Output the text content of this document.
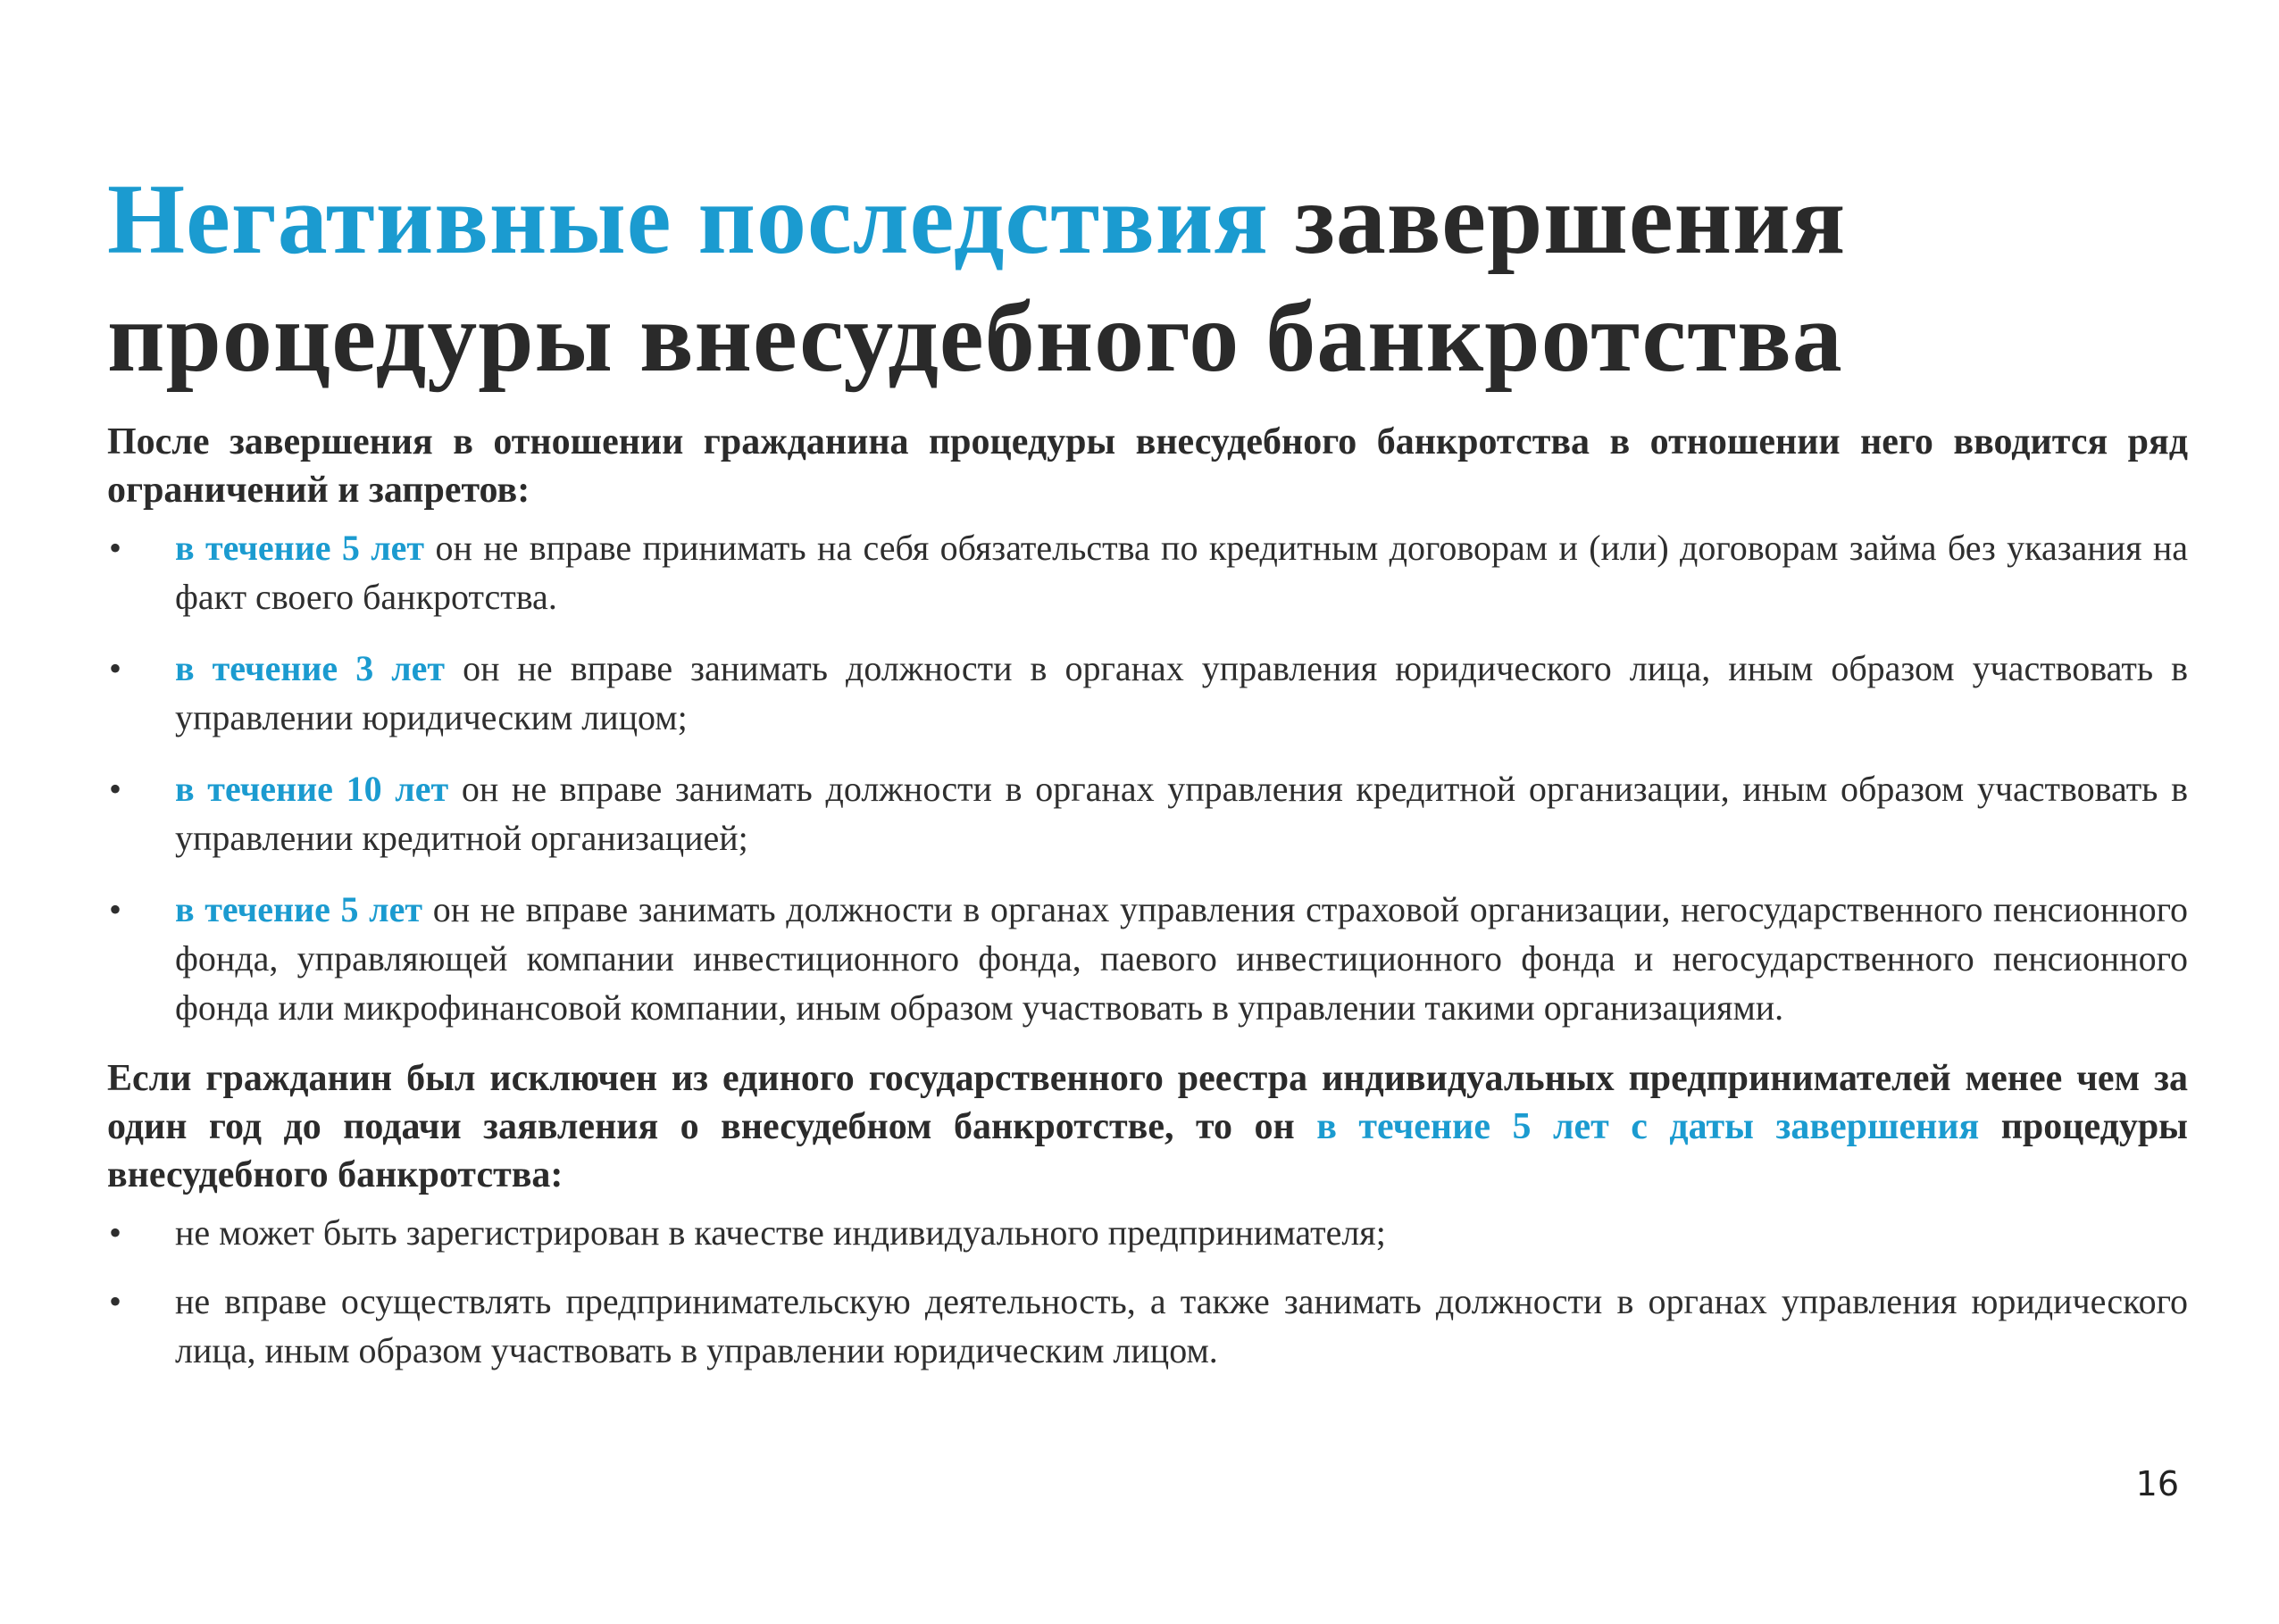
Негативные последствия завершения
процедуры внесудебного банкротства

После завершения в отношении гражданина процедуры внесудебного банкротства в отношении него вводится ряд ограничений и запретов:

• в течение 5 лет он не вправе принимать на себя обязательства по кредитным договорам и (или) договорам займа без указания на факт своего банкротства.
• в течение 3 лет он не вправе занимать должности в органах управления юридического лица, иным образом участвовать в управлении юридическим лицом;
• в течение 10 лет он не вправе занимать должности в органах управления кредитной организации, иным образом участвовать в управлении кредитной организацией;
• в течение 5 лет он не вправе занимать должности в органах управления страховой организации, негосударственного пенсионного фонда, управляющей компании инвестиционного фонда, паевого инвестиционного фонда и негосударственного пенсионного фонда или микрофинансовой компании, иным образом участвовать в управлении такими организациями.

Если гражданин был исключен из единого государственного реестра индивидуальных предпринимателей менее чем за один год до подачи заявления о внесудебном банкротстве, то он в течение 5 лет с даты завершения процедуры внесудебного банкротства:

• не может быть зарегистрирован в качестве индивидуального предпринимателя;
• не вправе осуществлять предпринимательскую деятельность, а также занимать должности в органах управления юридического лица, иным образом участвовать в управлении юридическим лицом.
16
